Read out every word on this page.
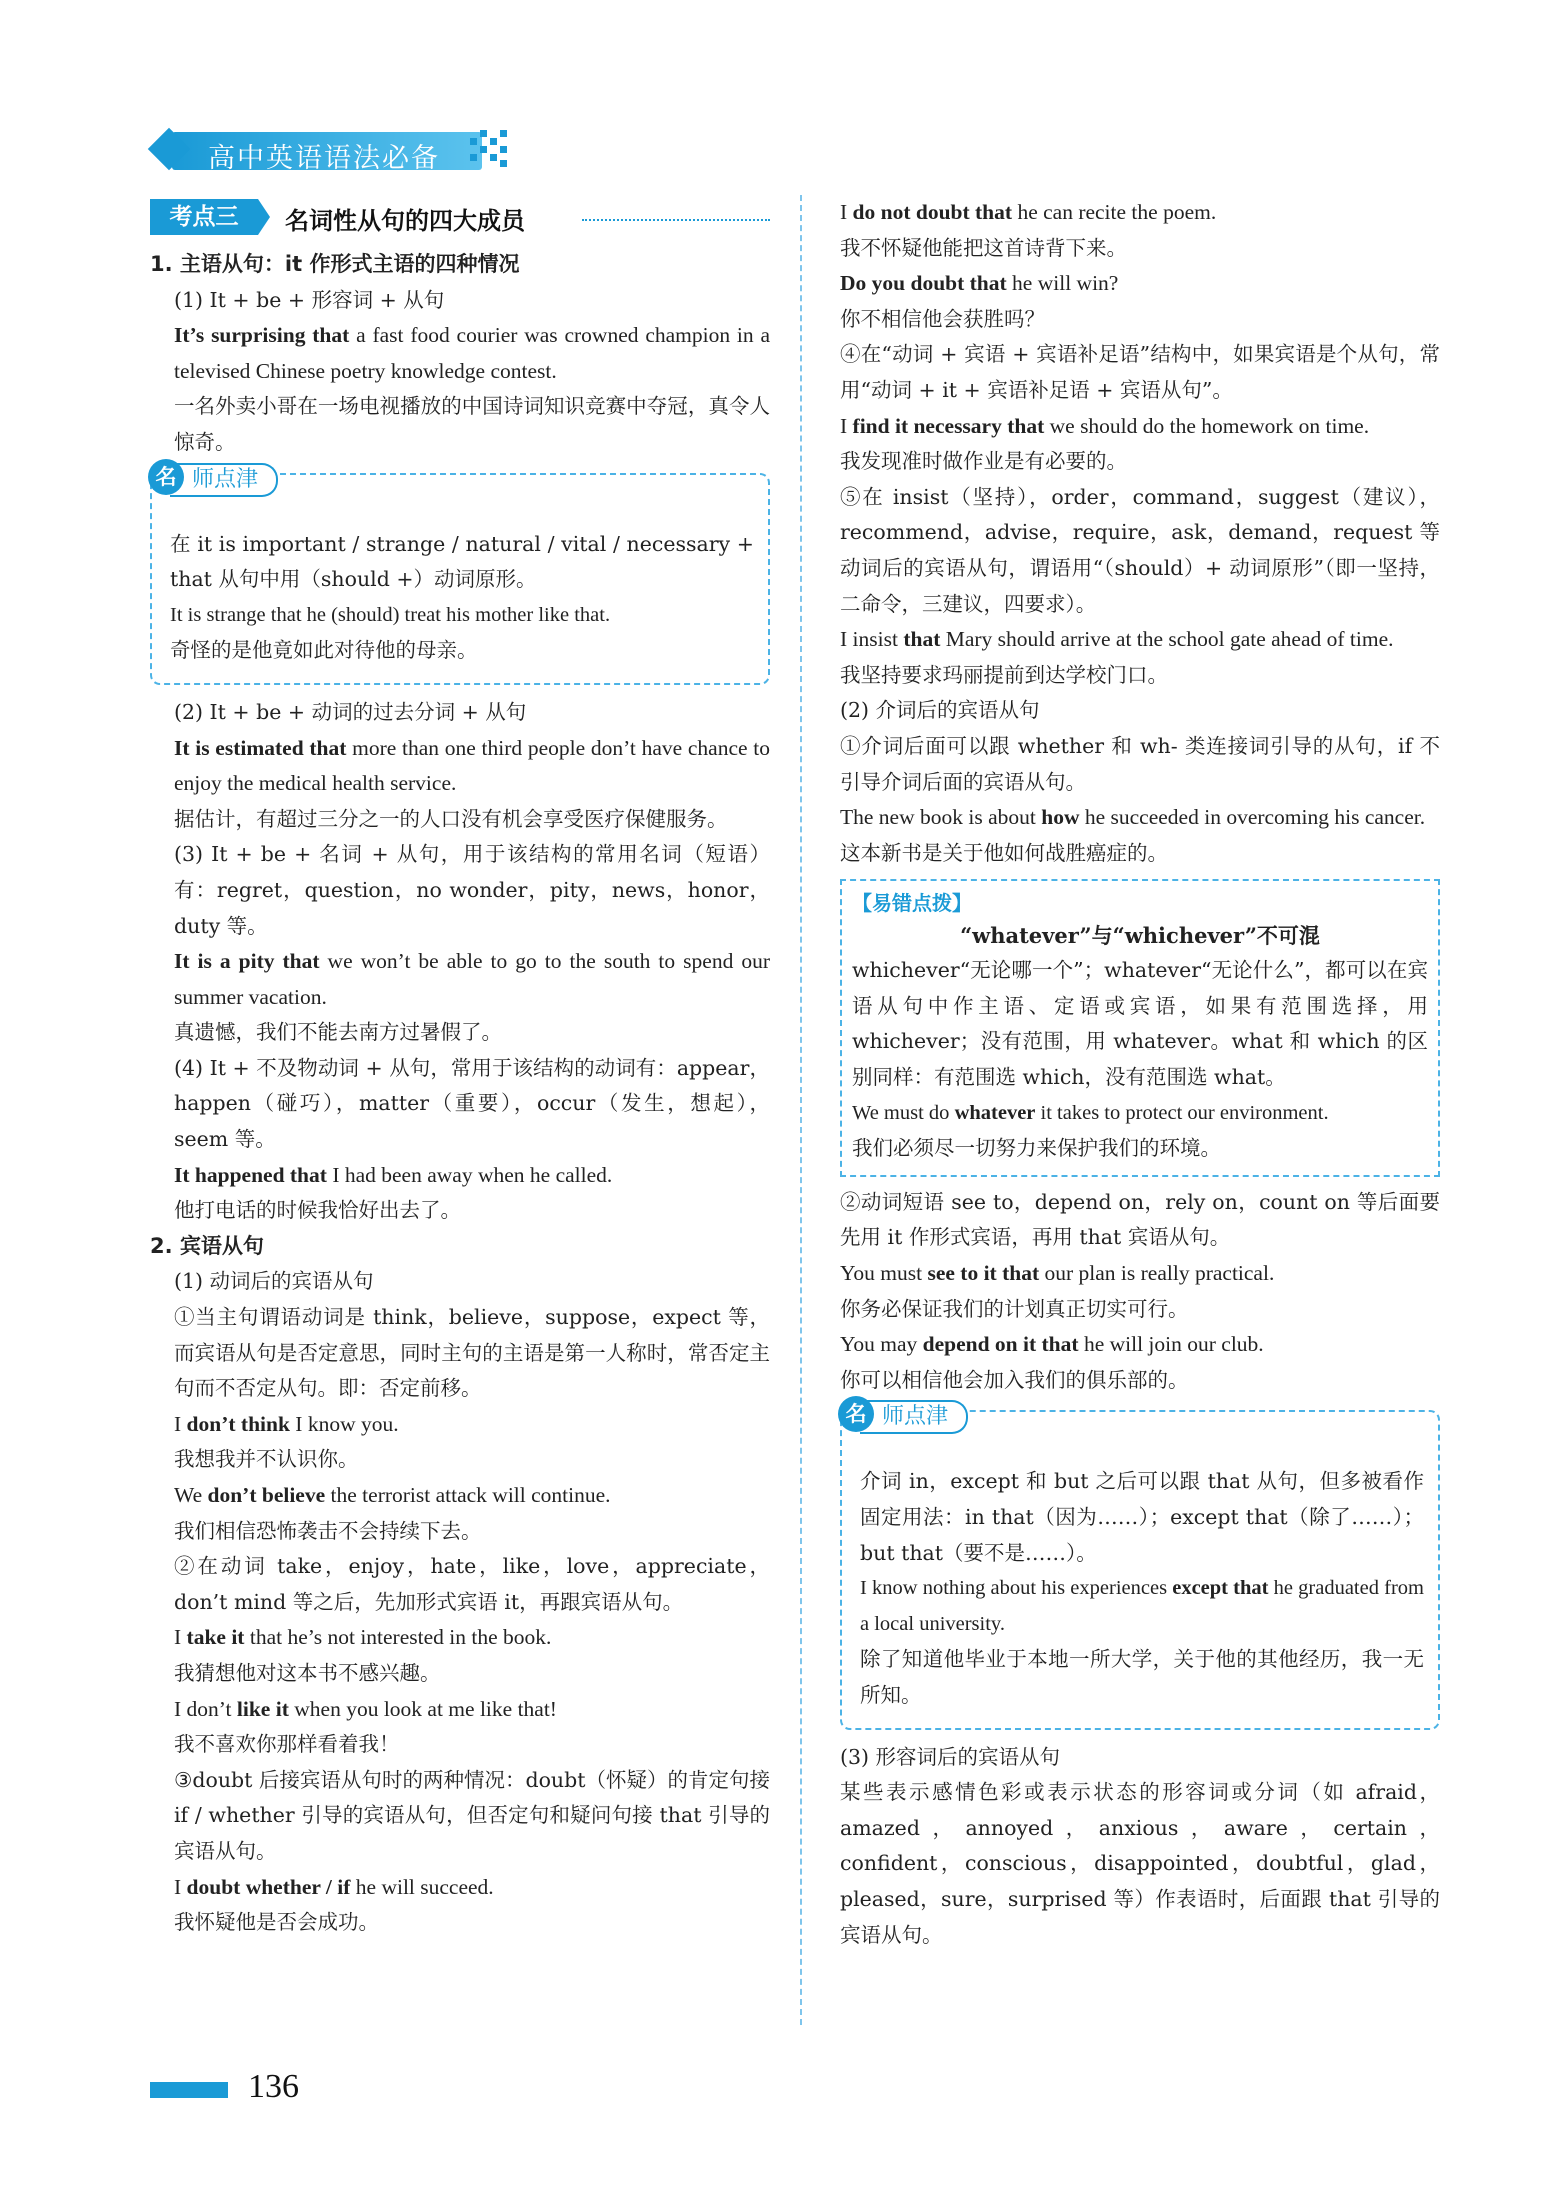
高中英语语法必备
考点三	名词性从句的四大成员

1. 主语从句：it 作形式主语的四种情况

(1) It + be + 形容词 + 从句

It’s surprising that a fast food courier was crowned champion in a televised Chinese poetry knowledge contest.

一名外卖小哥在一场电视播放的中国诗词知识竞赛中夺冠，真令人惊奇。

师点津
名

在 it is important / strange / natural / vital / necessary + that 从句中用（should +）动词原形。

It is strange that he (should) treat his mother like that.

奇怪的是他竟如此对待他的母亲。

(2) It + be + 动词的过去分词 + 从句

It is estimated that more than one third people don’t have chance to enjoy the medical health service.

据估计，有超过三分之一的人口没有机会享受医疗保健服务。

(3) It + be + 名词 + 从句，用于该结构的常用名词（短语）有：regret，question，no wonder，pity，news，honor，duty 等。

It is a pity that we won’t be able to go to the south to spend our summer vacation.

真遗憾，我们不能去南方过暑假了。

(4) It + 不及物动词 + 从句，常用于该结构的动词有：appear，happen（碰巧），matter（重要），occur（发生，想起），seem 等。

It happened that I had been away when he called.

他打电话的时候我恰好出去了。

2. 宾语从句

(1) 动词后的宾语从句

①当主句谓语动词是 think，believe，suppose，expect 等，而宾语从句是否定意思，同时主句的主语是第一人称时，常否定主句而不否定从句。即：否定前移。

I don’t think I know you.

我想我并不认识你。

We don’t believe the terrorist attack will continue.

我们相信恐怖袭击不会持续下去。

②在动词 take，enjoy，hate，like，love，appreciate，don’t mind 等之后，先加形式宾语 it，再跟宾语从句。

I take it that he’s not interested in the book.

我猜想他对这本书不感兴趣。

I don’t like it when you look at me like that!

我不喜欢你那样看着我！

③doubt 后接宾语从句时的两种情况：doubt（怀疑）的肯定句接 if / whether 引导的宾语从句，但否定句和疑问句接 that 引导的宾语从句。

I doubt whether / if he will succeed.

我怀疑他是否会成功。

I do not doubt that he can recite the poem.

我不怀疑他能把这首诗背下来。

Do you doubt that he will win?

你不相信他会获胜吗？

④在“动词 + 宾语 + 宾语补足语”结构中，如果宾语是个从句，常用“动词 + it + 宾语补足语 + 宾语从句”。

I find it necessary that we should do the homework on time.

我发现准时做作业是有必要的。

⑤在 insist（坚持），order，command，suggest（建议），recommend，advise，require，ask，demand，request 等动词后的宾语从句，谓语用“（should）+ 动词原形”（即一坚持，二命令，三建议，四要求）。

I insist that Mary should arrive at the school gate ahead of time.

我坚持要求玛丽提前到达学校门口。

(2) 介词后的宾语从句

①介词后面可以跟 whether 和 wh- 类连接词引导的从句，if 不引导介词后面的宾语从句。

The new book is about how he succeeded in overcoming his cancer.

这本新书是关于他如何战胜癌症的。

【易错点拨】
“whatever”与“whichever”不可混

whichever“无论哪一个”；whatever“无论什么”，都可以在宾语从句中作主语、定语或宾语，如果有范围选择，用 whichever；没有范围，用 whatever。what 和 which 的区别同样：有范围选 which，没有范围选 what。

We must do whatever it takes to protect our environment.

我们必须尽一切努力来保护我们的环境。

②动词短语 see to，depend on，rely on，count on 等后面要先用 it 作形式宾语，再用 that 宾语从句。

You must see to it that our plan is really practical.

你务必保证我们的计划真正切实可行。

You may depend on it that he will join our club.

你可以相信他会加入我们的俱乐部的。

师点津
名

介词 in，except 和 but 之后可以跟 that 从句，但多被看作固定用法：in that（因为……）；except that（除了……）；but that（要不是……）。

I know nothing about his experiences except that he graduated from a local university.

除了知道他毕业于本地一所大学，关于他的其他经历，我一无所知。

(3) 形容词后的宾语从句

某些表示感情色彩或表示状态的形容词或分词（如 afraid，amazed，annoyed，anxious，aware，certain，confident，conscious，disappointed，doubtful，glad，pleased，sure，surprised 等）作表语时，后面跟 that 引导的宾语从句。

136
